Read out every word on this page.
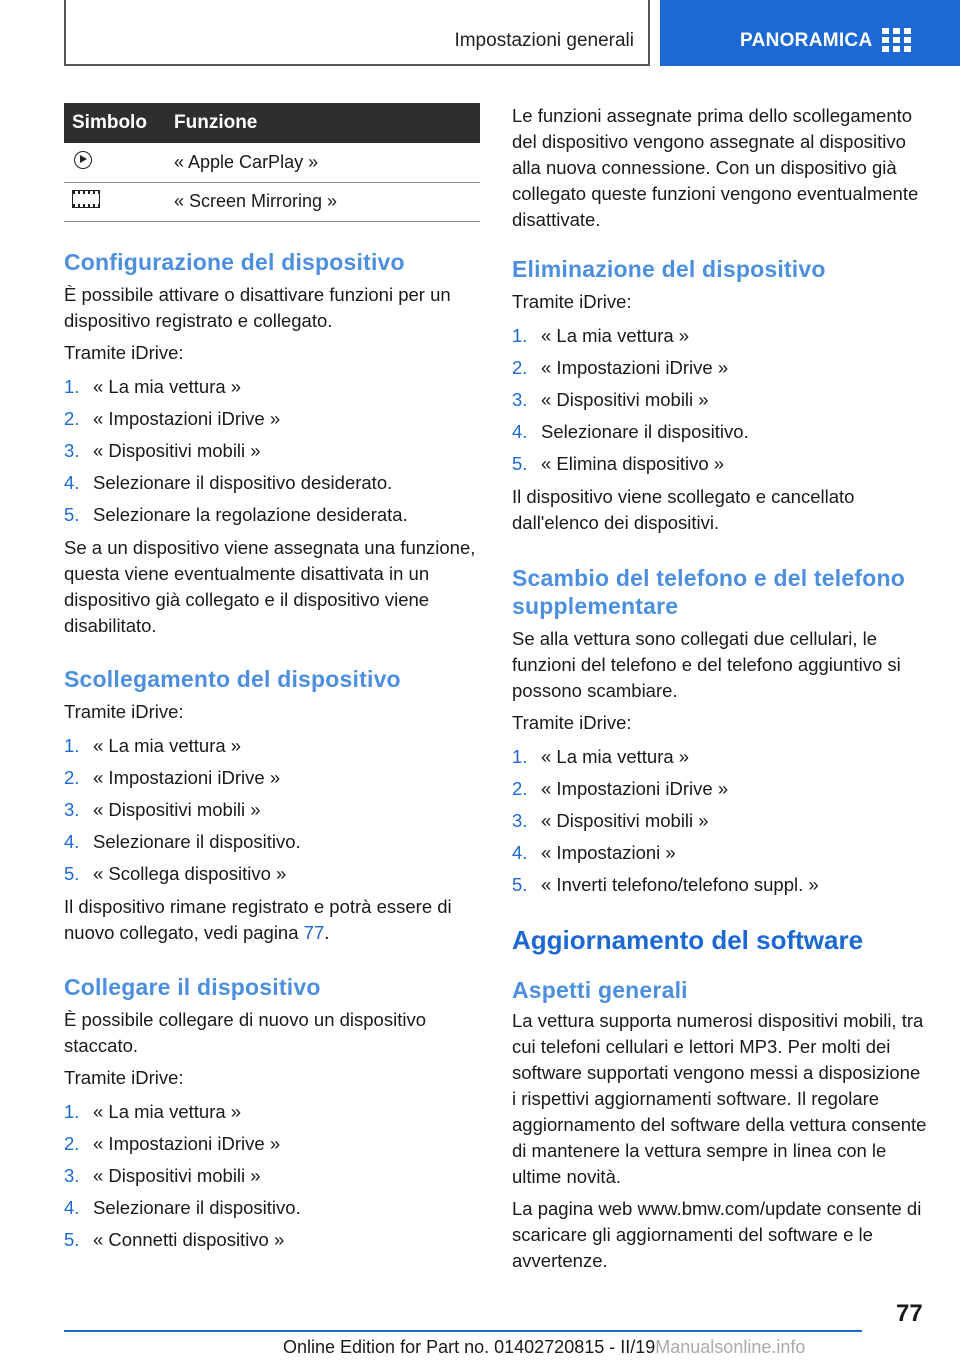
Impostazioni generali	PANORAMICA
Simbolo	Funzione
	« Apple CarPlay »
	« Screen Mirroring »
Configurazione del dispositivo

È possibile attivare o disattivare funzioni per un dispositivo registrato e collegato.

Tramite iDrive:

1. « La mia vettura »
2. « Impostazioni iDrive »
3. « Dispositivi mobili »
4. Selezionare il dispositivo desiderato.
5. Selezionare la regolazione desiderata.

Se a un dispositivo viene assegnata una funzione, questa viene eventualmente disattivata in un dispositivo già collegato e il dispositivo viene disabilitato.

Scollegamento del dispositivo

Tramite iDrive:

1. « La mia vettura »
2. « Impostazioni iDrive »
3. « Dispositivi mobili »
4. Selezionare il dispositivo.
5. « Scollega dispositivo »

Il dispositivo rimane registrato e potrà essere di nuovo collegato, vedi pagina 77.

Collegare il dispositivo

È possibile collegare di nuovo un dispositivo staccato.

Tramite iDrive:

1. « La mia vettura »
2. « Impostazioni iDrive »
3. « Dispositivi mobili »
4. Selezionare il dispositivo.
5. « Connetti dispositivo »

Le funzioni assegnate prima dello scollegamento del dispositivo vengono assegnate al dispositivo alla nuova connessione. Con un dispositivo già collegato queste funzioni vengono eventualmente disattivate.

Eliminazione del dispositivo

Tramite iDrive:

1. « La mia vettura »
2. « Impostazioni iDrive »
3. « Dispositivi mobili »
4. Selezionare il dispositivo.
5. « Elimina dispositivo »

Il dispositivo viene scollegato e cancellato dall'elenco dei dispositivi.

Scambio del telefono e del telefono supplementare

Se alla vettura sono collegati due cellulari, le funzioni del telefono e del telefono aggiuntivo si possono scambiare.

Tramite iDrive:

1. « La mia vettura »
2. « Impostazioni iDrive »
3. « Dispositivi mobili »
4. « Impostazioni »
5. « Inverti telefono/telefono suppl. »
Aggiornamento del software
Aspetti generali

La vettura supporta numerosi dispositivi mobili, tra cui telefoni cellulari e lettori MP3. Per molti dei software supportati vengono messi a disposizione i rispettivi aggiornamenti software. Il regolare aggiornamento del software della vettura consente di mantenere la vettura sempre in linea con le ultime novità.

La pagina web www.bmw.com/update consente di scaricare gli aggiornamenti del software e le avvertenze.

77
Online Edition for Part no. 01402720815 - II/19Manualsonline.info
